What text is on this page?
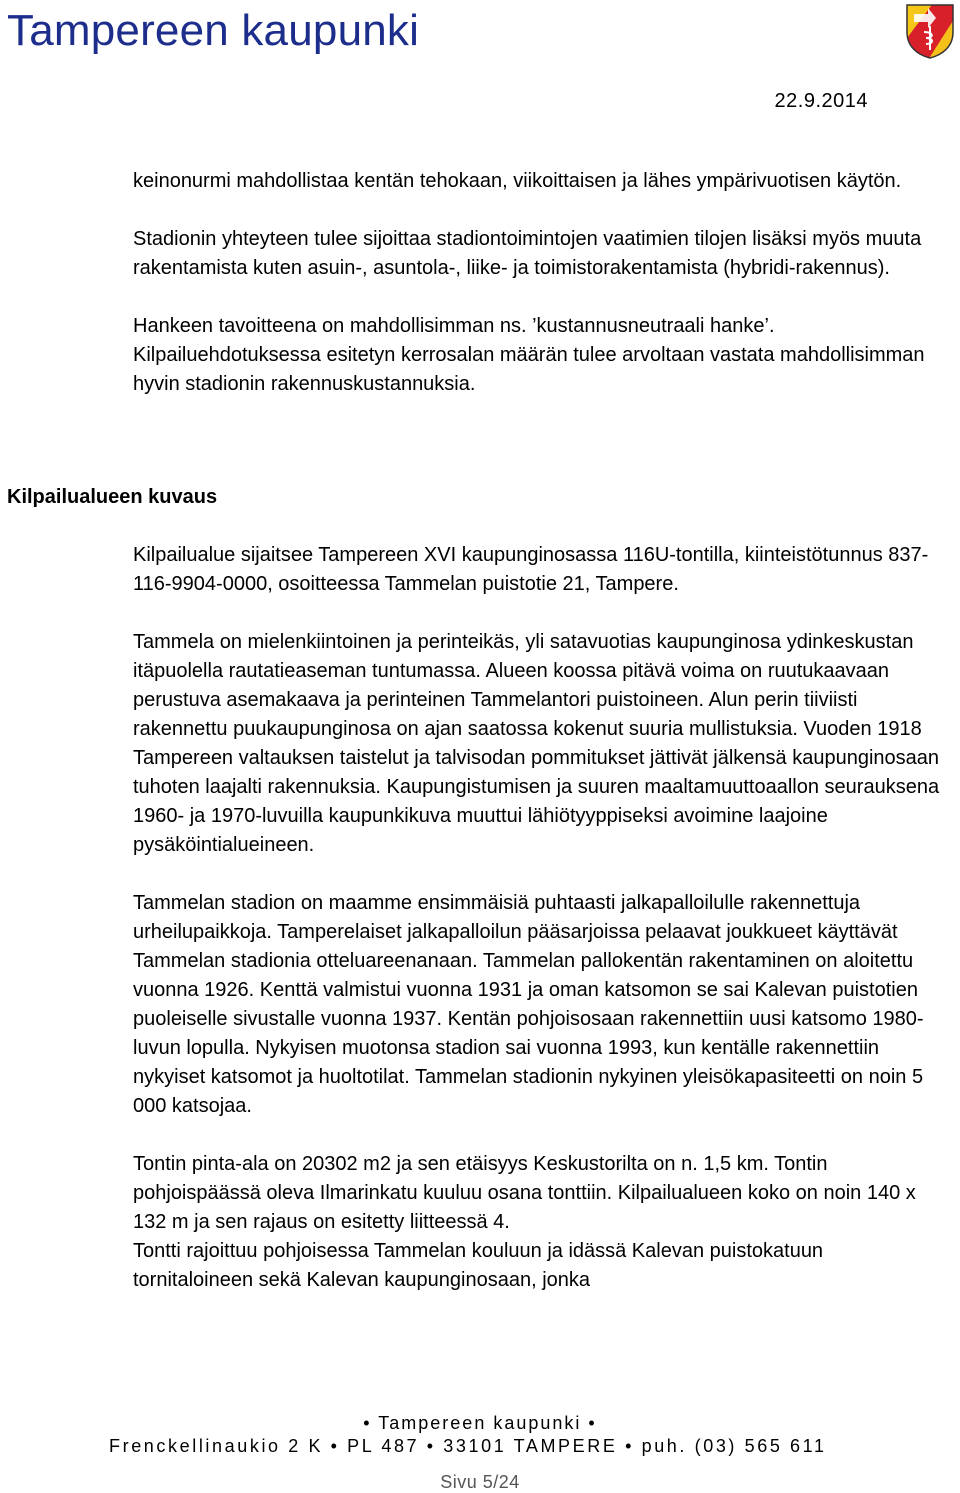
Tampereen kaupunki
22.9.2014

keinonurmi mahdollistaa kentän tehokaan, viikoittaisen ja lähes ympärivuotisen käytön.

Stadionin yhteyteen tulee sijoittaa stadiontoimintojen vaatimien tilojen lisäksi myös muuta rakentamista kuten asuin-, asuntola-, liike- ja toimistorakentamista (hybridi-rakennus).

Hankeen tavoitteena on mahdollisimman ns. ’kustannusneutraali hanke’. Kilpailuehdotuksessa esitetyn kerrosalan määrän tulee arvoltaan vastata mahdollisimman hyvin stadionin rakennuskustannuksia.

Kilpailualueen kuvaus

Kilpailualue sijaitsee Tampereen XVI kaupunginosassa 116U-tontilla, kiinteistötunnus 837-116-9904-0000, osoitteessa Tammelan puistotie 21, Tampere.

Tammela on mielenkiintoinen ja perinteikäs, yli satavuotias kaupunginosa ydinkeskustan itäpuolella rautatieaseman tuntumassa. Alueen koossa pitävä voima on ruutukaavaan perustuva asemakaava ja perinteinen Tammelantori puistoineen. Alun perin tiiviisti rakennettu puukaupunginosa on ajan saatossa kokenut suuria mullistuksia. Vuoden 1918 Tampereen valtauksen taistelut ja talvisodan pommitukset jättivät jälkensä kaupunginosaan tuhoten laajalti rakennuksia. Kaupungistumisen ja suuren maaltamuuttoaallon seurauksena 1960- ja 1970-luvuilla kaupunkikuva muuttui lähiötyyppiseksi avoimine laajoine pysäköintialueineen.

Tammelan stadion on maamme ensimmäisiä puhtaasti jalkapalloilulle rakennettuja urheilupaikkoja. Tamperelaiset jalkapalloilun pääsarjoissa pelaavat joukkueet käyttävät Tammelan stadionia otteluareenanaan. Tammelan pallokentän rakentaminen on aloitettu vuonna 1926. Kenttä valmistui vuonna 1931 ja oman katsomon se sai Kalevan puistotien puoleiselle sivustalle vuonna 1937. Kentän pohjoisosaan rakennettiin uusi katsomo 1980-luvun lopulla. Nykyisen muotonsa stadion sai vuonna 1993, kun kentälle rakennettiin nykyiset katsomot ja huoltotilat. Tammelan stadionin nykyinen yleisökapasiteetti on noin 5 000 katsojaa.

Tontin pinta-ala on 20302 m2 ja sen etäisyys Keskustorilta on n. 1,5 km. Tontin pohjoispäässä oleva Ilmarinkatu kuuluu osana tonttiin. Kilpailualueen koko on noin 140 x 132 m ja sen rajaus on esitetty liitteessä 4.

Tontti rajoittuu pohjoisessa Tammelan kouluun ja idässä Kalevan puistokatuun tornitaloineen sekä Kalevan kaupunginosaan, jonka

• Tampereen kaupunki •
Frenckellinaukio 2 K • PL 487 • 33101 TAMPERE • puh. (03) 565 611
Sivu 5/24
